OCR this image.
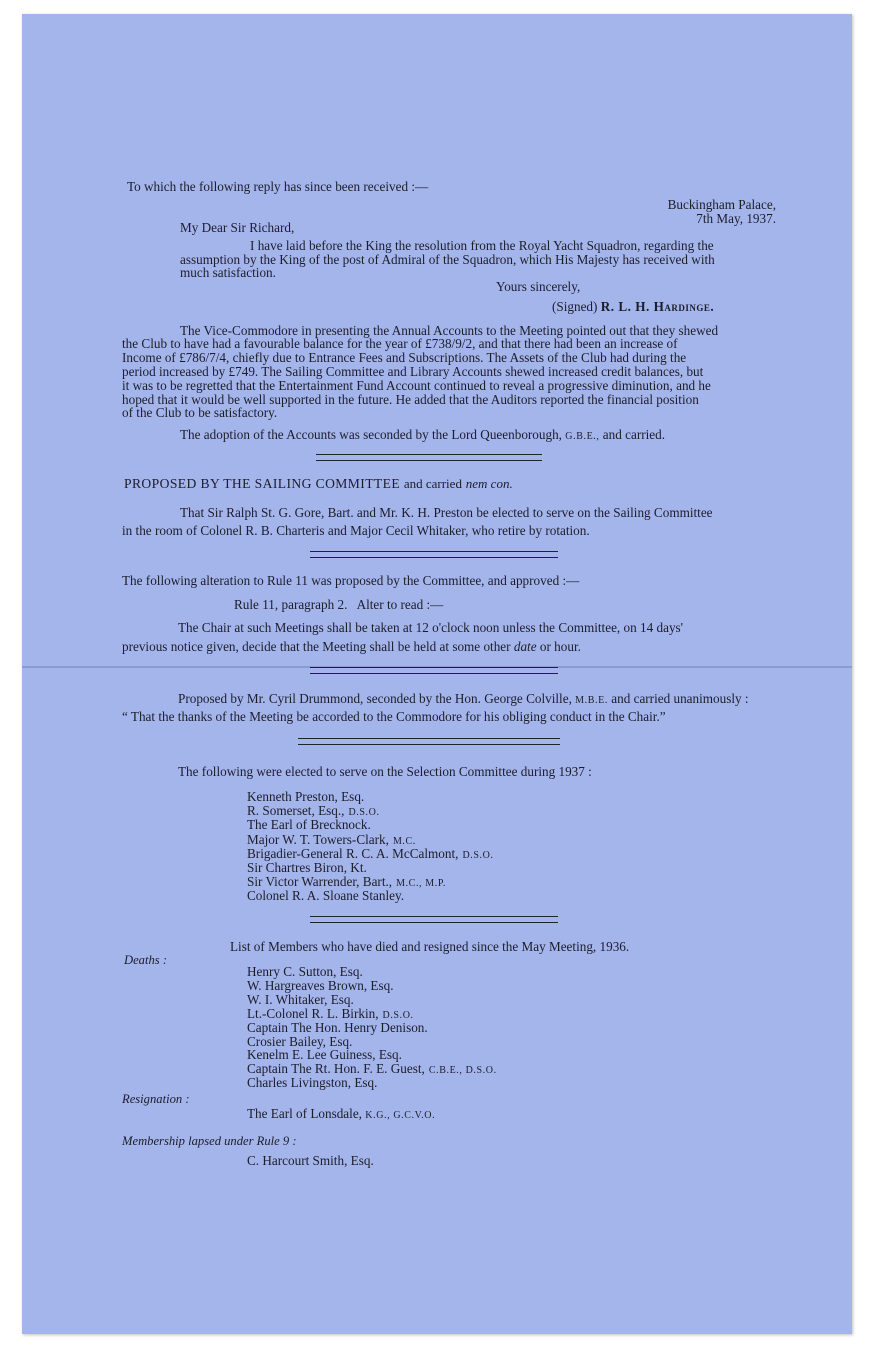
To which the following reply has since been received :—
Buckingham Palace,
7th May, 1937.
My Dear Sir Richard,
I have laid before the King the resolution from the Royal Yacht Squadron, regarding the
assumption by the King of the post of Admiral of the Squadron, which His Majesty has received with
much satisfaction.
Yours sincerely,
(Signed) R. L. H. Hardinge.
The Vice-Commodore in presenting the Annual Accounts to the Meeting pointed out that they shewed
the Club to have had a favourable balance for the year of £738/9/2, and that there had been an increase of
Income of £786/7/4, chiefly due to Entrance Fees and Subscriptions. The Assets of the Club had during the
period increased by £749. The Sailing Committee and Library Accounts shewed increased credit balances, but
it was to be regretted that the Entertainment Fund Account continued to reveal a progressive diminution, and he
hoped that it would be well supported in the future. He added that the Auditors reported the financial position
of the Club to be satisfactory.
The adoption of the Accounts was seconded by the Lord Queenborough, G.B.E., and carried.
PROPOSED BY THE SAILING COMMITTEE and carried nem con.
That Sir Ralph St. G. Gore, Bart. and Mr. K. H. Preston be elected to serve on the Sailing Committee
in the room of Colonel R. B. Charteris and Major Cecil Whitaker, who retire by rotation.
The following alteration to Rule 11 was proposed by the Committee, and approved :—
Rule 11, paragraph 2. Alter to read :—
The Chair at such Meetings shall be taken at 12 o'clock noon unless the Committee, on 14 days'
previous notice given, decide that the Meeting shall be held at some other date or hour.
Proposed by Mr. Cyril Drummond, seconded by the Hon. George Colville, M.B.E. and carried unanimously :
“ That the thanks of the Meeting be accorded to the Commodore for his obliging conduct in the Chair.”
The following were elected to serve on the Selection Committee during 1937 :
Kenneth Preston, Esq.
R. Somerset, Esq., D.S.O.
The Earl of Brecknock.
Major W. T. Towers-Clark, M.C.
Brigadier-General R. C. A. McCalmont, D.S.O.
Sir Chartres Biron, Kt.
Sir Victor Warrender, Bart., M.C., M.P.
Colonel R. A. Sloane Stanley.
List of Members who have died and resigned since the May Meeting, 1936.
Deaths :
Henry C. Sutton, Esq.
W. Hargreaves Brown, Esq.
W. I. Whitaker, Esq.
Lt.-Colonel R. L. Birkin, D.S.O.
Captain The Hon. Henry Denison.
Crosier Bailey, Esq.
Kenelm E. Lee Guiness, Esq.
Captain The Rt. Hon. F. E. Guest, C.B.E., D.S.O.
Charles Livingston, Esq.
Resignation :
The Earl of Lonsdale, K.G., G.C.V.O.
Membership lapsed under Rule 9 :
C. Harcourt Smith, Esq.
